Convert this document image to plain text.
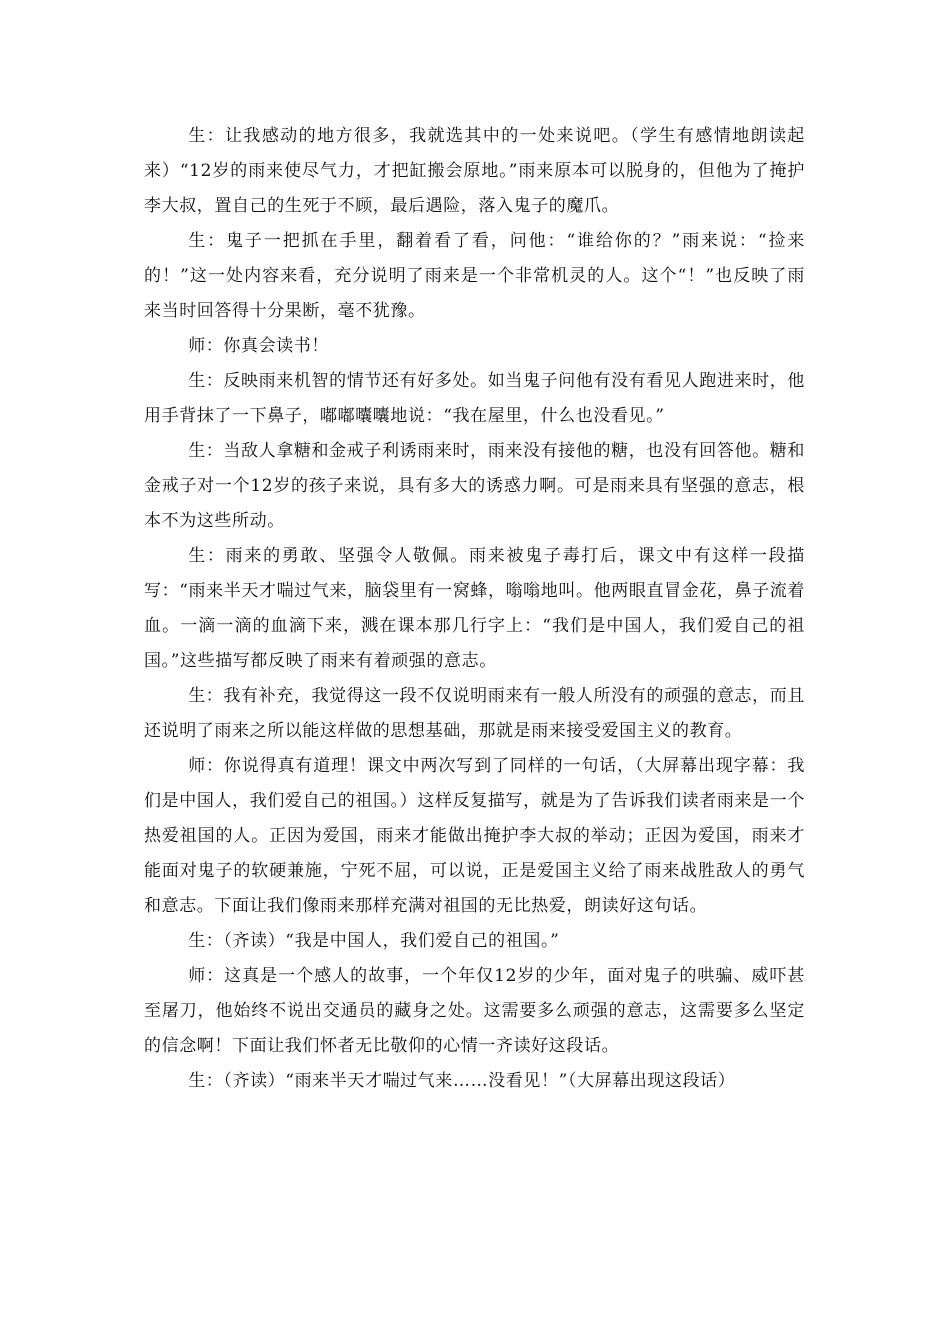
生：让我感动的地方很多，我就选其中的一处来说吧。（学生有感情地朗读起来）“12岁的雨来使尽气力，才把缸搬会原地。”雨来原本可以脱身的，但他为了掩护李大叔，置自己的生死于不顾，最后遇险，落入鬼子的魔爪。

生：鬼子一把抓在手里，翻着看了看，问他：“谁给你的？”雨来说：“捡来的！”这一处内容来看，充分说明了雨来是一个非常机灵的人。这个“！”也反映了雨来当时回答得十分果断，毫不犹豫。

师：你真会读书！

生：反映雨来机智的情节还有好多处。如当鬼子问他有没有看见人跑进来时，他用手背抹了一下鼻子，嘟嘟囔囔地说：“我在屋里，什么也没看见。”

生：当敌人拿糖和金戒子利诱雨来时，雨来没有接他的糖，也没有回答他。糖和金戒子对一个12岁的孩子来说，具有多大的诱惑力啊。可是雨来具有坚强的意志，根本不为这些所动。

生：雨来的勇敢、坚强令人敬佩。雨来被鬼子毒打后，课文中有这样一段描写：“雨来半天才喘过气来，脑袋里有一窝蜂，嗡嗡地叫。他两眼直冒金花，鼻子流着血。一滴一滴的血滴下来，溅在课本那几行字上：“我们是中国人，我们爱自己的祖国。”这些描写都反映了雨来有着顽强的意志。

生：我有补充，我觉得这一段不仅说明雨来有一般人所没有的顽强的意志，而且还说明了雨来之所以能这样做的思想基础，那就是雨来接受爱国主义的教育。

师：你说得真有道理！课文中两次写到了同样的一句话，（大屏幕出现字幕：我们是中国人，我们爱自己的祖国。）这样反复描写，就是为了告诉我们读者雨来是一个热爱祖国的人。正因为爱国，雨来才能做出掩护李大叔的举动；正因为爱国，雨来才能面对鬼子的软硬兼施，宁死不屈，可以说，正是爱国主义给了雨来战胜敌人的勇气和意志。下面让我们像雨来那样充满对祖国的无比热爱，朗读好这句话。

生：（齐读）“我是中国人，我们爱自己的祖国。”

师：这真是一个感人的故事，一个年仅12岁的少年，面对鬼子的哄骗、威吓甚至屠刀，他始终不说出交通员的藏身之处。这需要多么顽强的意志，这需要多么坚定的信念啊！下面让我们怀者无比敬仰的心情一齐读好这段话。

生：（齐读）“雨来半天才喘过气来……没看见！”（大屏幕出现这段话）
